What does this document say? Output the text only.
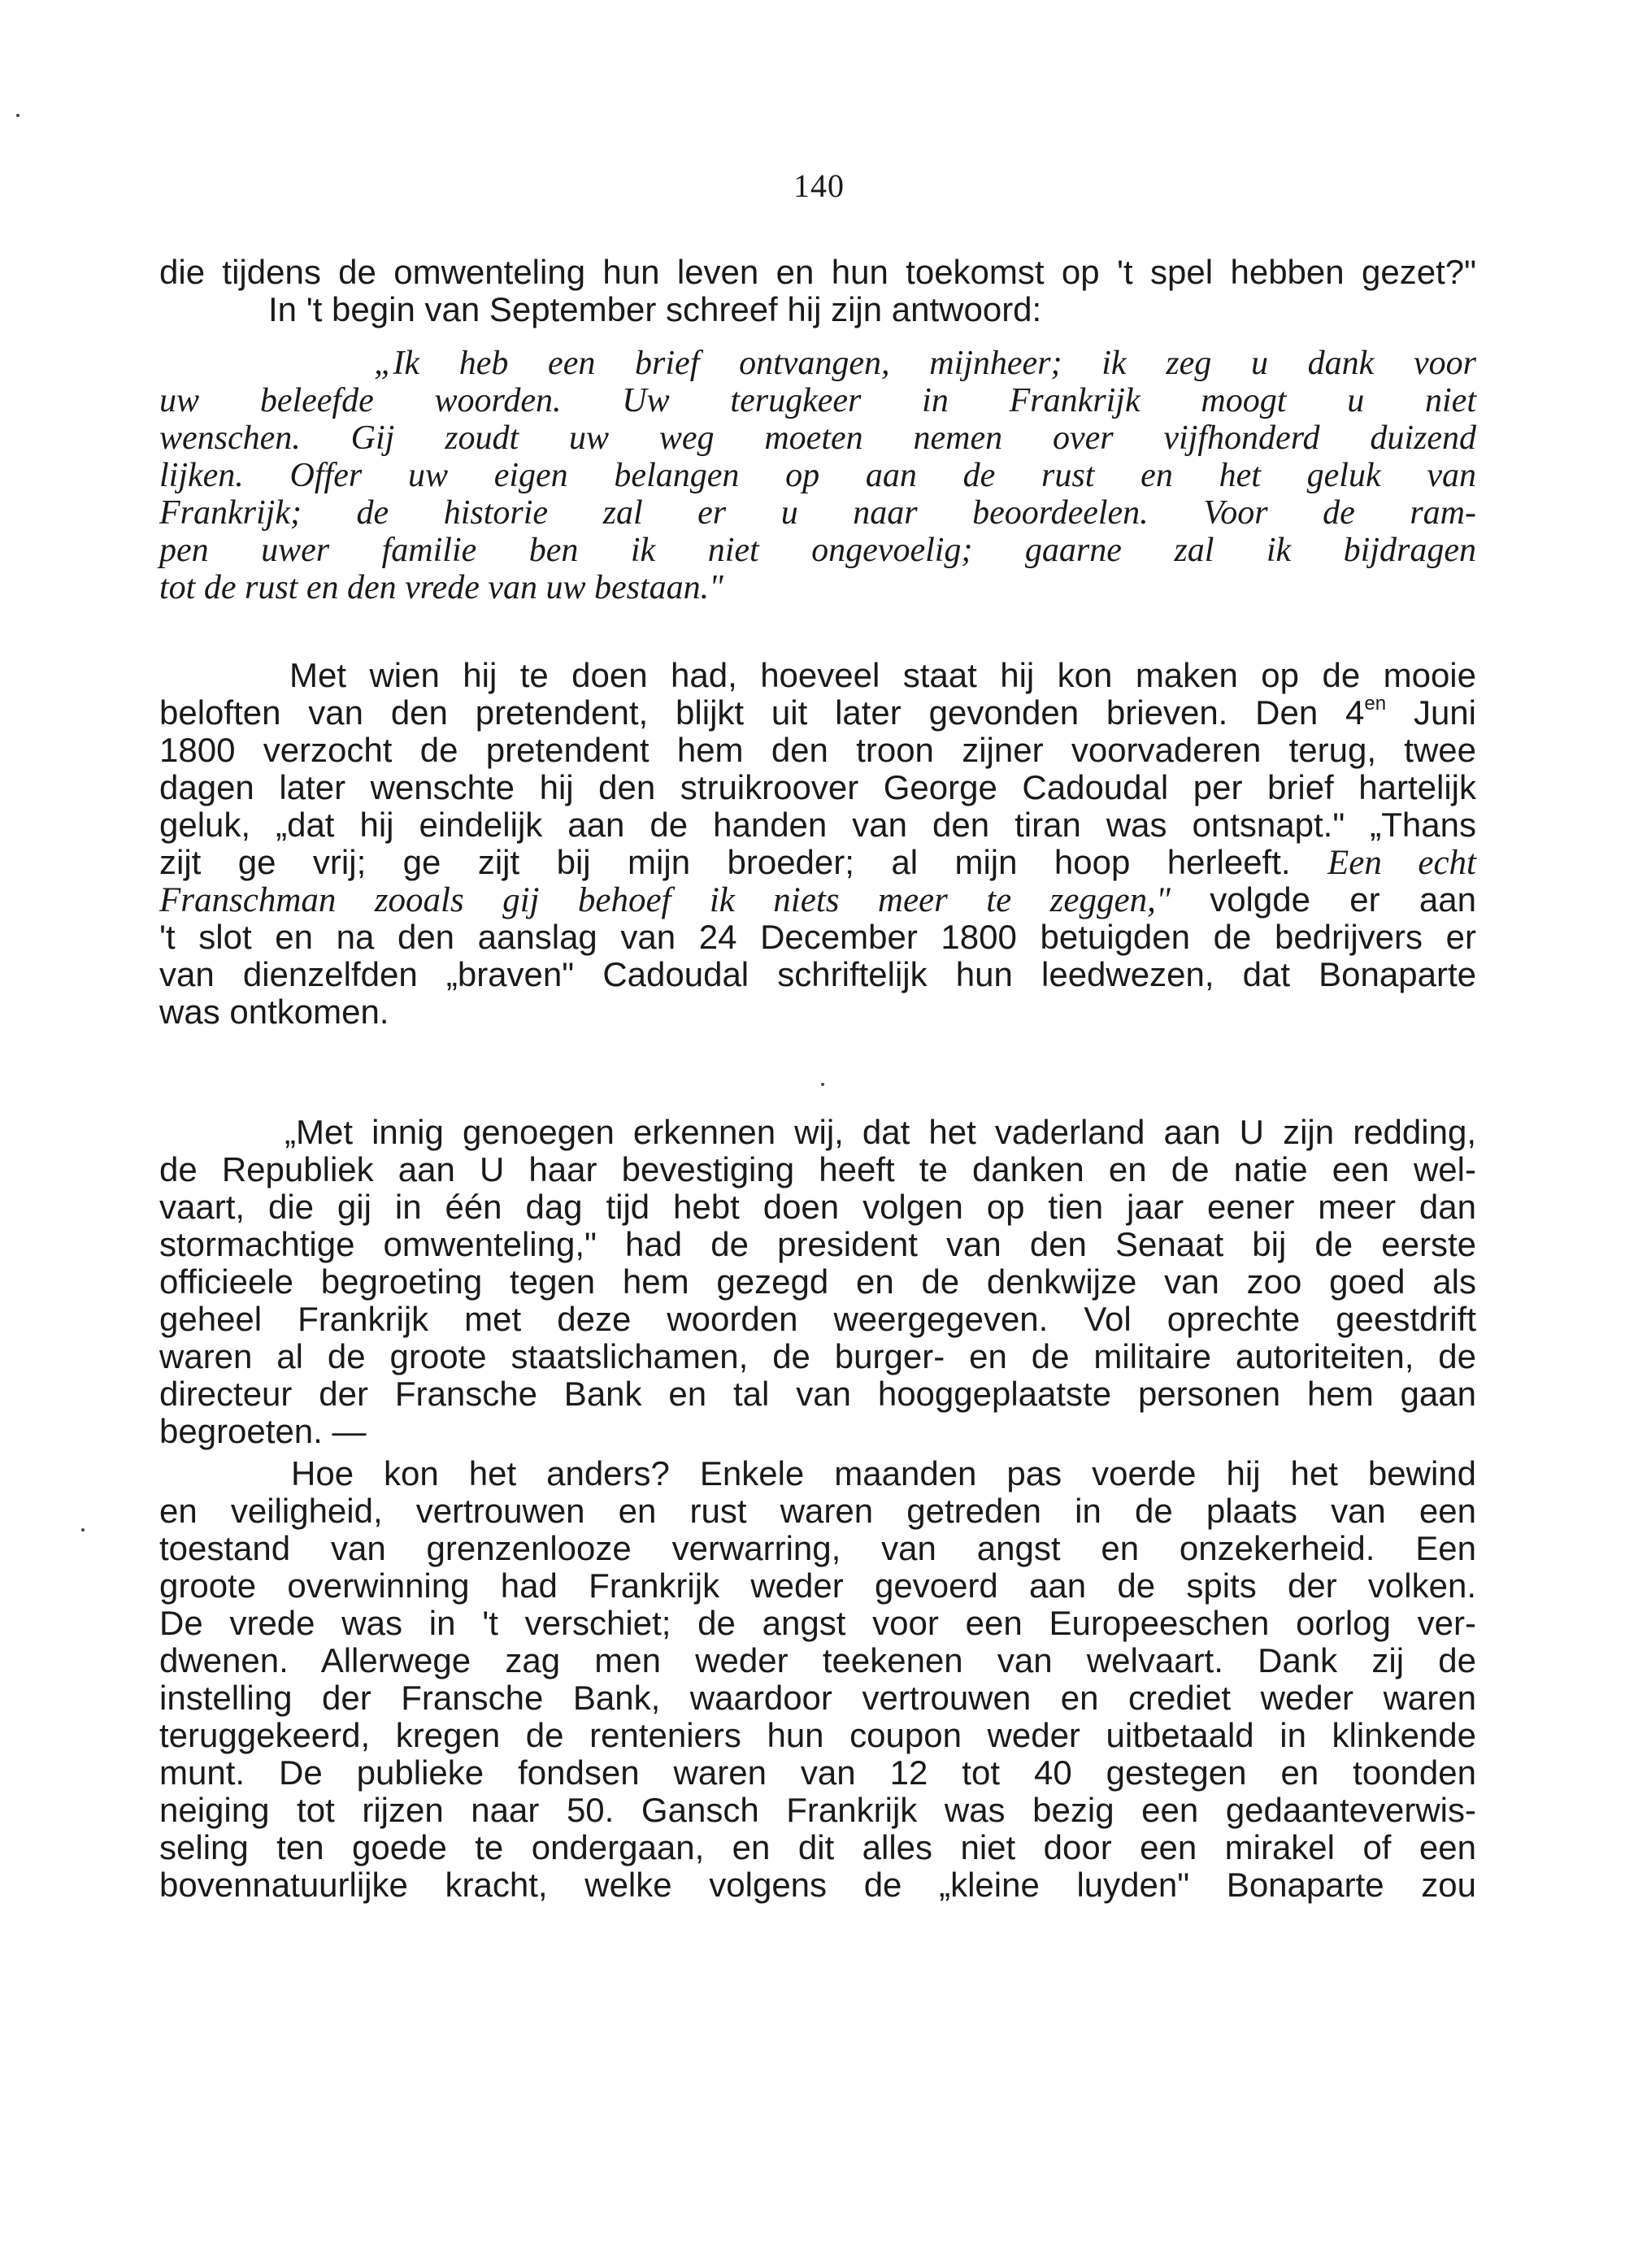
140
die tijdens de omwenteling hun leven en hun toekomst op 't spel hebben gezet?"
In 't begin van September schreef hij zijn antwoord:
„Ik heb een brief ontvangen, mijnheer; ik zeg u dank voor
uw beleefde woorden. Uw terugkeer in Frankrijk moogt u niet
wenschen. Gij zoudt uw weg moeten nemen over vijfhonderd duizend
lijken. Offer uw eigen belangen op aan de rust en het geluk van
Frankrijk; de historie zal er u naar beoordeelen. Voor de ram-
pen uwer familie ben ik niet ongevoelig; gaarne zal ik bijdragen
tot de rust en den vrede van uw bestaan."
Met wien hij te doen had, hoeveel staat hij kon maken op de mooie
beloften van den pretendent, blijkt uit later gevonden brieven. Den $4^{en}$ Juni
1800 verzocht de pretendent hem den troon zijner voorvaderen terug, twee
dagen later wenschte hij den struikroover George Cadoudal per brief hartelijk
geluk, „dat hij eindelijk aan de handen van den tiran was ontsnapt." „Thans
zijt ge vrij; ge zijt bij mijn broeder; al mijn hoop herleeft. Een echt
Franschman zooals gij behoef ik niets meer te zeggen," volgde er aan
't slot en na den aanslag van 24 December 1800 betuigden de bedrijvers er
van dienzelfden „braven" Cadoudal schriftelijk hun leedwezen, dat Bonaparte
was ontkomen.
„Met innig genoegen erkennen wij, dat het vaderland aan U zijn redding,
de Republiek aan U haar bevestiging heeft te danken en de natie een wel-
vaart, die gij in één dag tijd hebt doen volgen op tien jaar eener meer dan
stormachtige omwenteling," had de president van den Senaat bij de eerste
officieele begroeting tegen hem gezegd en de denkwijze van zoo goed als
geheel Frankrijk met deze woorden weergegeven. Vol oprechte geestdrift
waren al de groote staatslichamen, de burger- en de militaire autoriteiten, de
directeur der Fransche Bank en tal van hooggeplaatste personen hem gaan
begroeten. —
Hoe kon het anders? Enkele maanden pas voerde hij het bewind
en veiligheid, vertrouwen en rust waren getreden in de plaats van een
toestand van grenzenlooze verwarring, van angst en onzekerheid. Een
groote overwinning had Frankrijk weder gevoerd aan de spits der volken.
De vrede was in 't verschiet; de angst voor een Europeeschen oorlog ver-
dwenen. Allerwege zag men weder teekenen van welvaart. Dank zij de
instelling der Fransche Bank, waardoor vertrouwen en crediet weder waren
teruggekeerd, kregen de renteniers hun coupon weder uitbetaald in klinkende
munt. De publieke fondsen waren van 12 tot 40 gestegen en toonden
neiging tot rijzen naar 50. Gansch Frankrijk was bezig een gedaanteverwis-
seling ten goede te ondergaan, en dit alles niet door een mirakel of een
bovennatuurlijke kracht, welke volgens de „kleine luyden" Bonaparte zou
